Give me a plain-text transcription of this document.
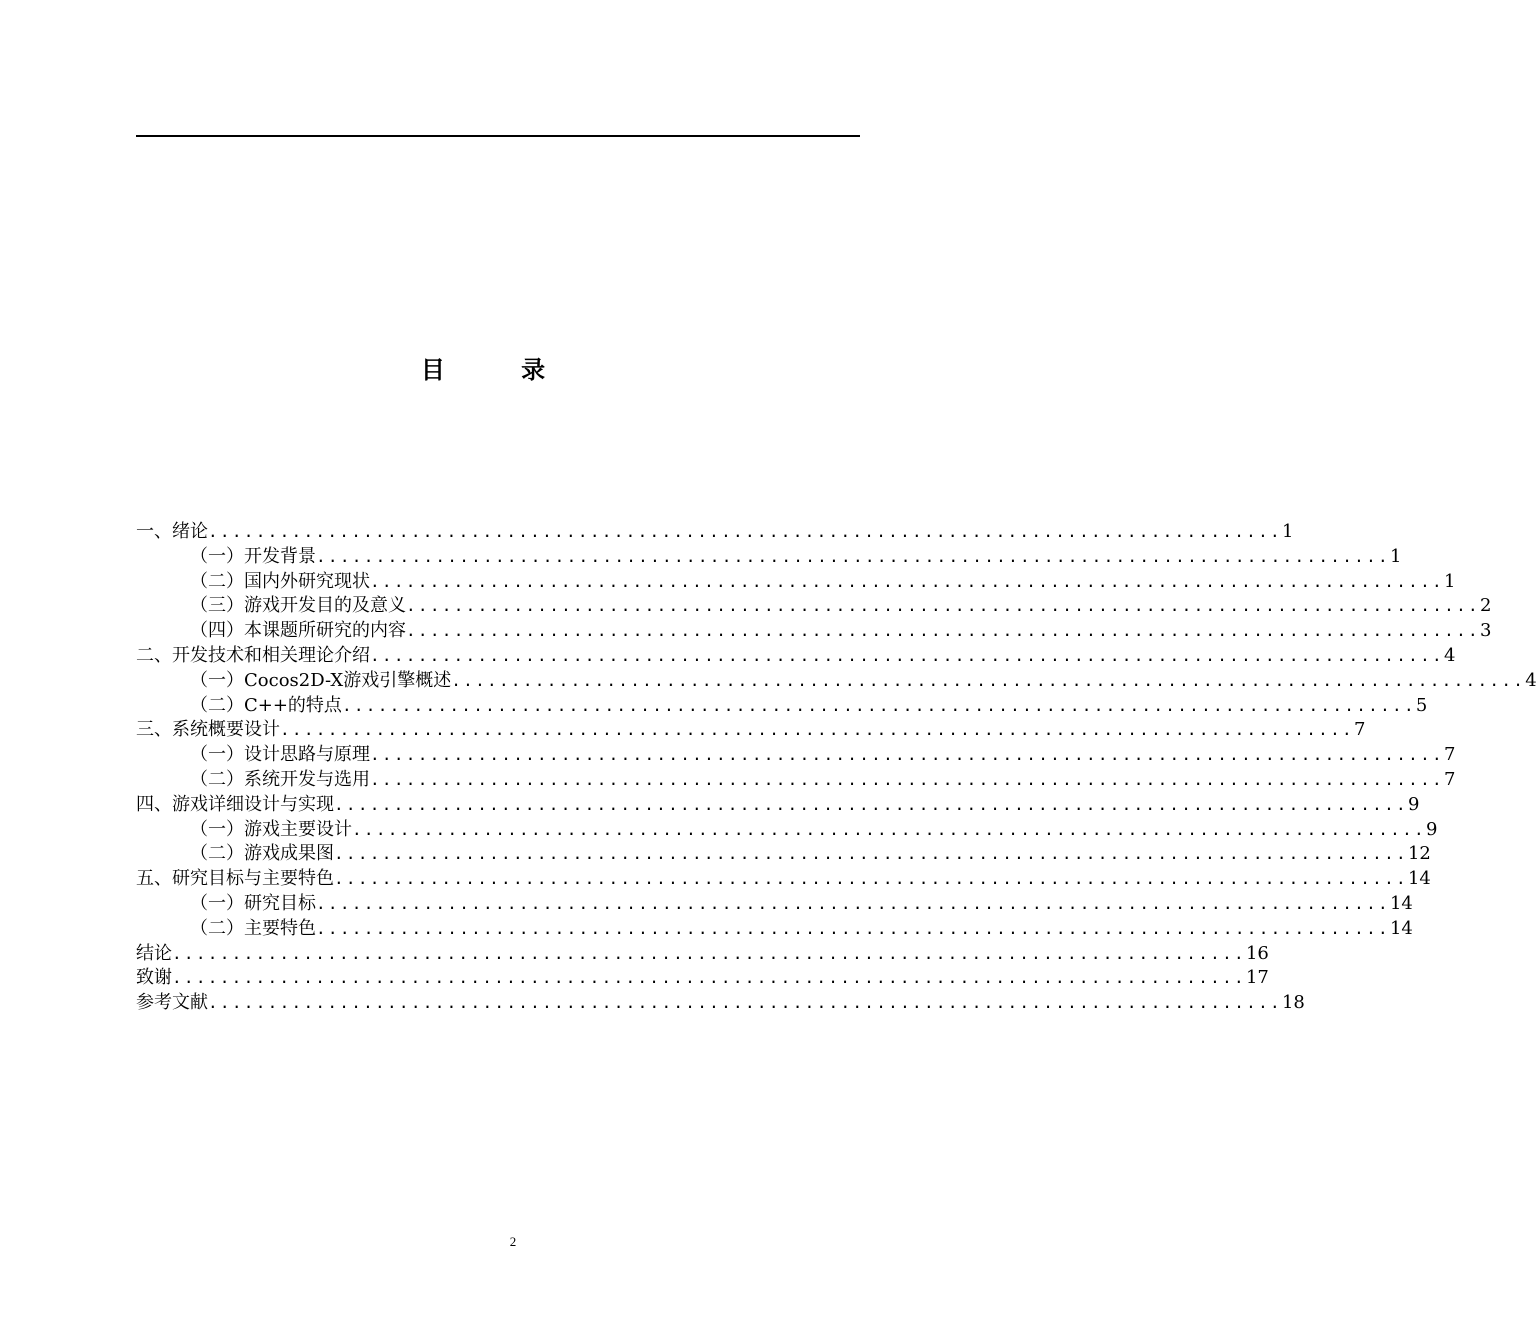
目 录
一、绪论 .......................................................................................... 1
（一）开发背景 .......................................................................................... 1
（二）国内外研究现状 .......................................................................................... 1
（三）游戏开发目的及意义 .......................................................................................... 2
（四）本课题所研究的内容 .......................................................................................... 3
二、开发技术和相关理论介绍 .......................................................................................... 4
（一）Cocos2D-X游戏引擎概述 .......................................................................................... 4
（二）C++的特点 .......................................................................................... 5
三、系统概要设计 .......................................................................................... 7
（一）设计思路与原理 .......................................................................................... 7
（二）系统开发与选用 .......................................................................................... 7
四、游戏详细设计与实现 .......................................................................................... 9
（一）游戏主要设计 .......................................................................................... 9
（二）游戏成果图 .......................................................................................... 12
五、研究目标与主要特色 .......................................................................................... 14
（一）研究目标 .......................................................................................... 14
（二）主要特色 .......................................................................................... 14
结论 .......................................................................................... 16
致谢 .......................................................................................... 17
参考文献 .......................................................................................... 18
2
